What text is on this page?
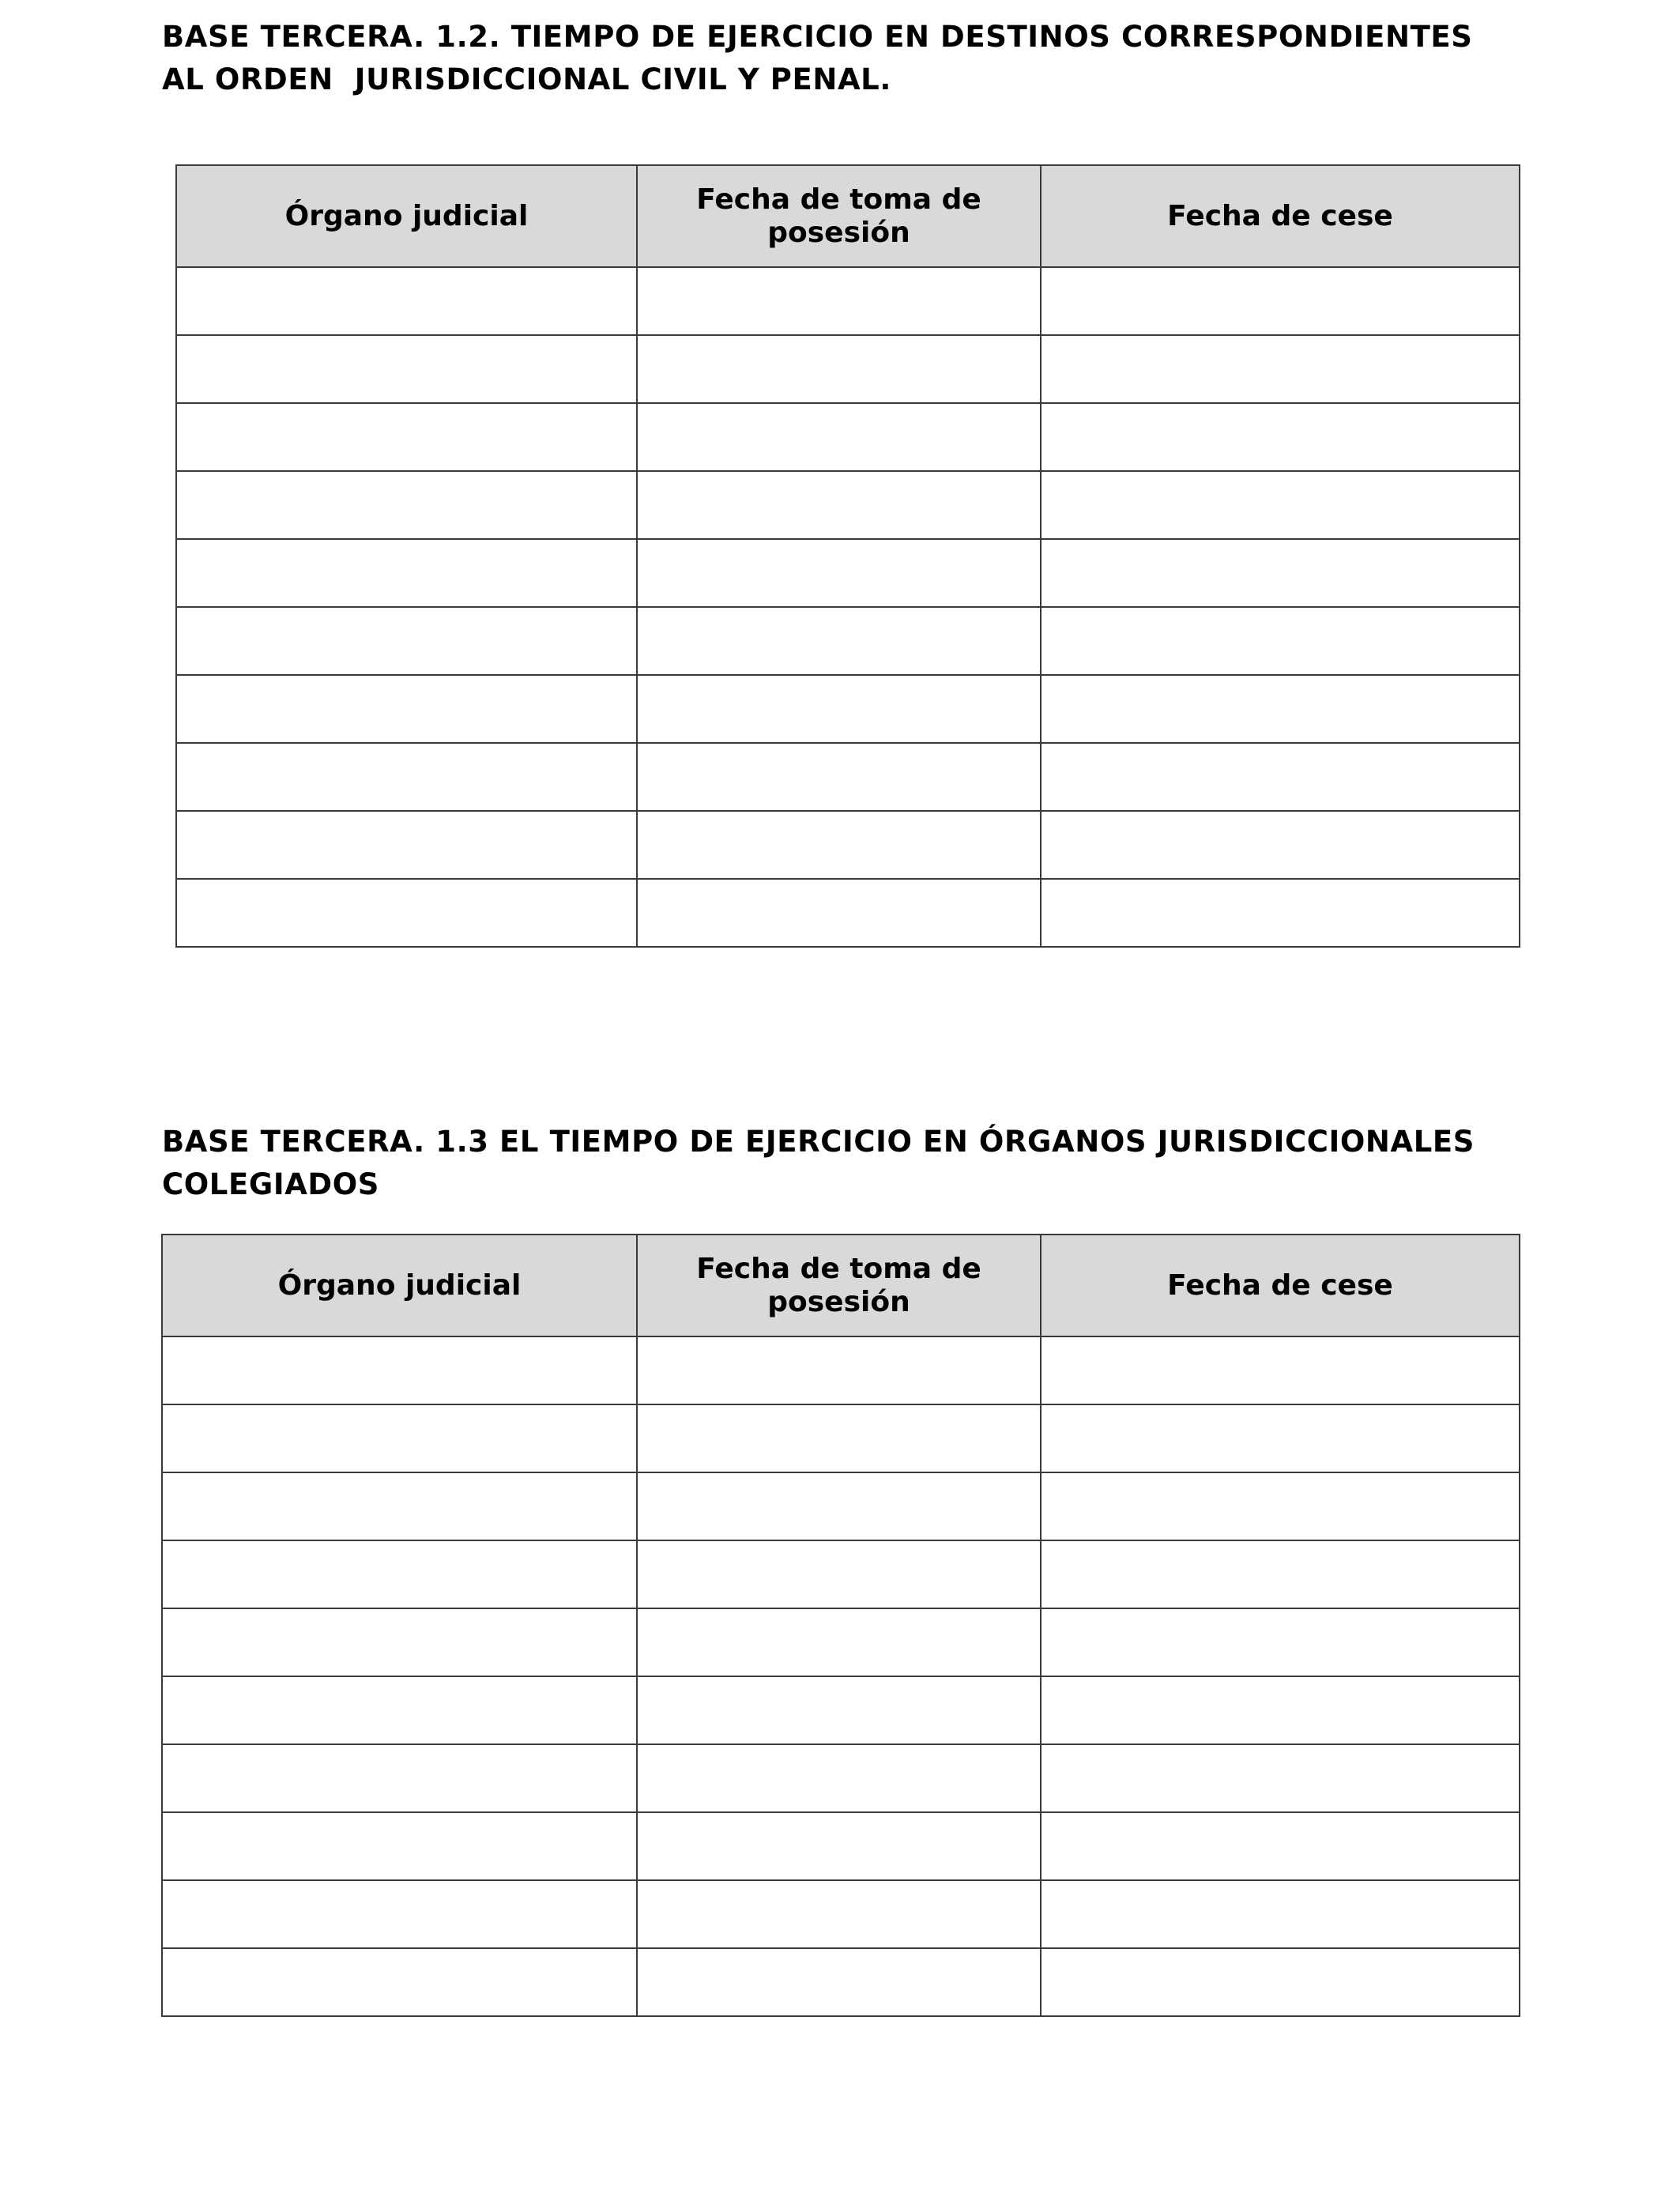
BASE TERCERA. 1.2. TIEMPO DE EJERCICIO EN DESTINOS CORRESPONDIENTES
AL ORDEN  JURISDICCIONAL CIVIL Y PENAL.
Órgano judicial	Fecha de toma de posesión	Fecha de cese

BASE TERCERA. 1.3 EL TIEMPO DE EJERCICIO EN ÓRGANOS JURISDICCIONALES
COLEGIADOS
Órgano judicial	Fecha de toma de posesión	Fecha de cese
